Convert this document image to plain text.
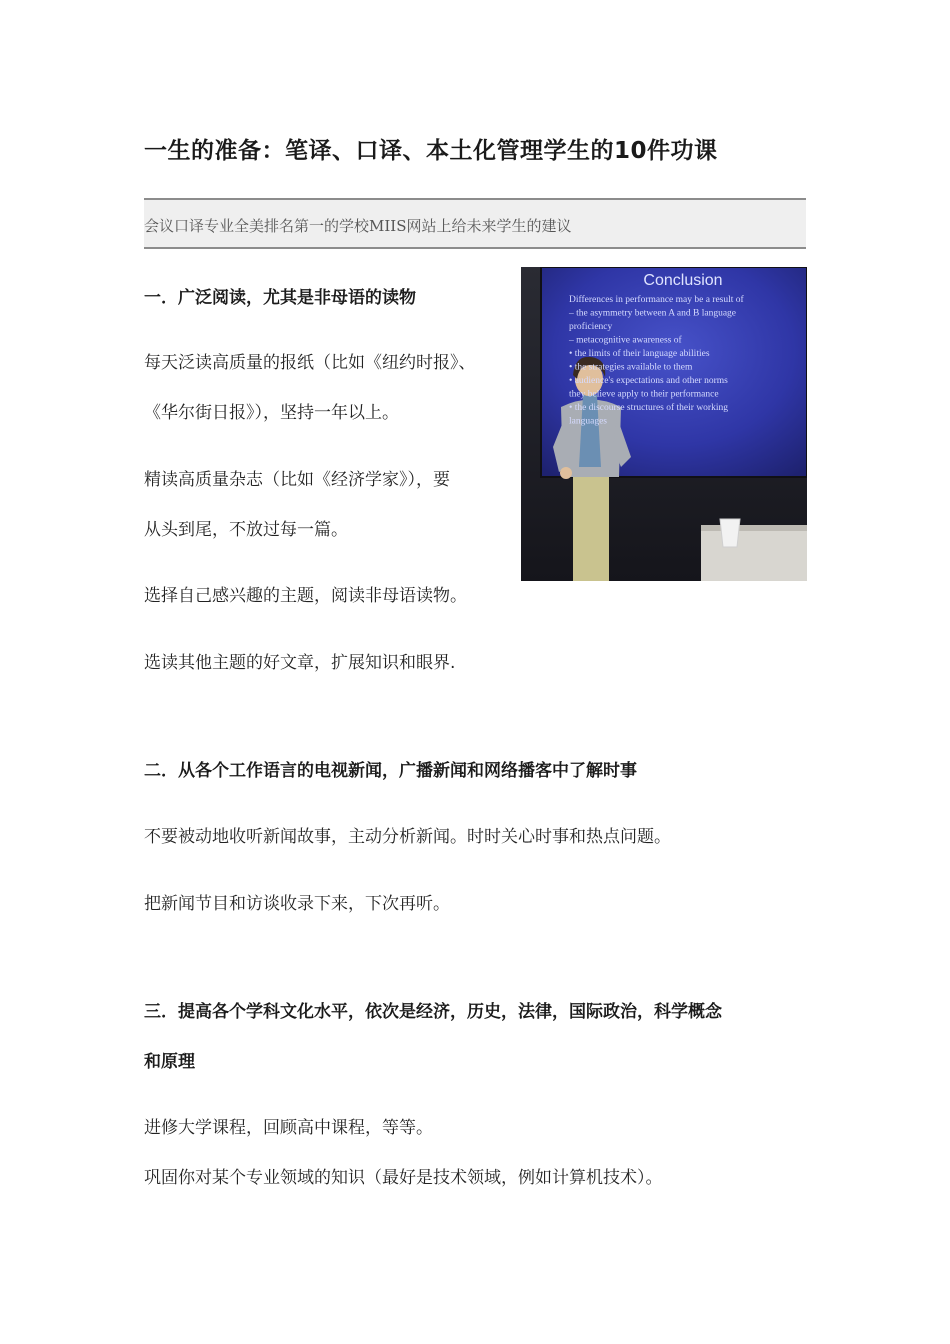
一生的准备：笔译、口译、本土化管理学生的10件功课
会议口译专业全美排名第一的学校MIIS网站上给未来学生的建议
Conclusion
Differences in performance may be a result of
– the asymmetry between A and B language
proficiency
– metacognitive awareness of
• the limits of their language abilities
• the strategies available to them
• audience's expectations and other norms
they believe apply to their performance
• the discourse structures of their working
languages

一．广泛阅读，尤其是非母语的读物

每天泛读高质量的报纸（比如《纽约时报》、

《华尔街日报》），坚持一年以上。

精读高质量杂志（比如《经济学家》），要

从头到尾，不放过每一篇。

选择自己感兴趣的主题，阅读非母语读物。

选读其他主题的好文章，扩展知识和眼界.

二．从各个工作语言的电视新闻，广播新闻和网络播客中了解时事

不要被动地收听新闻故事，主动分析新闻。时时关心时事和热点问题。

把新闻节目和访谈收录下来，下次再听。

三．提高各个学科文化水平，依次是经济，历史，法律，国际政治，科学概念

和原理

进修大学课程，回顾高中课程，等等。

巩固你对某个专业领域的知识（最好是技术领域，例如计算机技术）。
